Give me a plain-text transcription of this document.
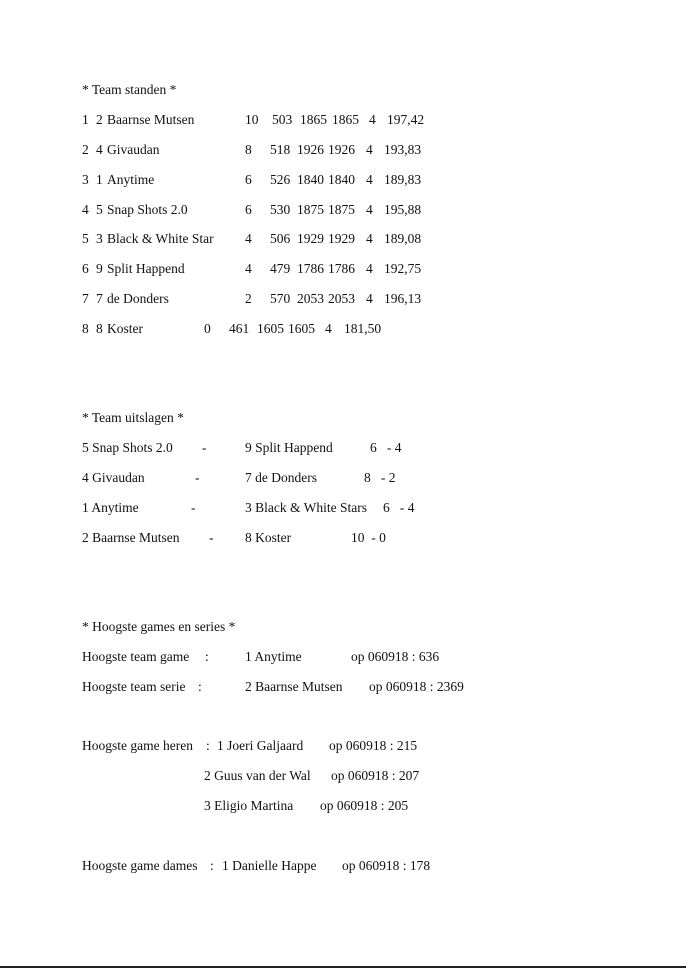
* Team standen *
1 2 Baarnse Mutsen	10 503 1865 1865 4 197,42
2 4 Givaudan	8 518 1926 1926 4 193,83
3 1 Anytime	6 526 1840 1840 4 189,83
4 5 Snap Shots 2.0	6 530 1875 1875 4 195,88
5 3 Black & White Star 4 506 1929 1929 4 189,08
6 9 Split Happend	4 479 1786 1786 4 192,75
7 7 de Donders	2 570 2053 2053 4 196,13
8 8 Koster	0 461 1605 1605 4 181,50
* Team uitslagen *
5 Snap Shots 2.0 -	9 Split Happend	6   - 4
4 Givaudan	-	7 de Donders	8   - 2
1 Anytime	-	3 Black & White Stars 6   - 4
2 Baarnse Mutsen - 8 Koster	10  - 0
* Hoogste games en series *
Hoogste team game :	1 Anytime	op 060918 : 636
Hoogste team serie :	2 Baarnse Mutsen op 060918 : 2369
Hoogste game heren : 1 Joeri Galjaard op 060918 : 215
2 Guus van der Wal op 060918 : 207
3 Eligio Martina op 060918 : 205
Hoogste game dames : 1 Danielle Happe op 060918 : 178
